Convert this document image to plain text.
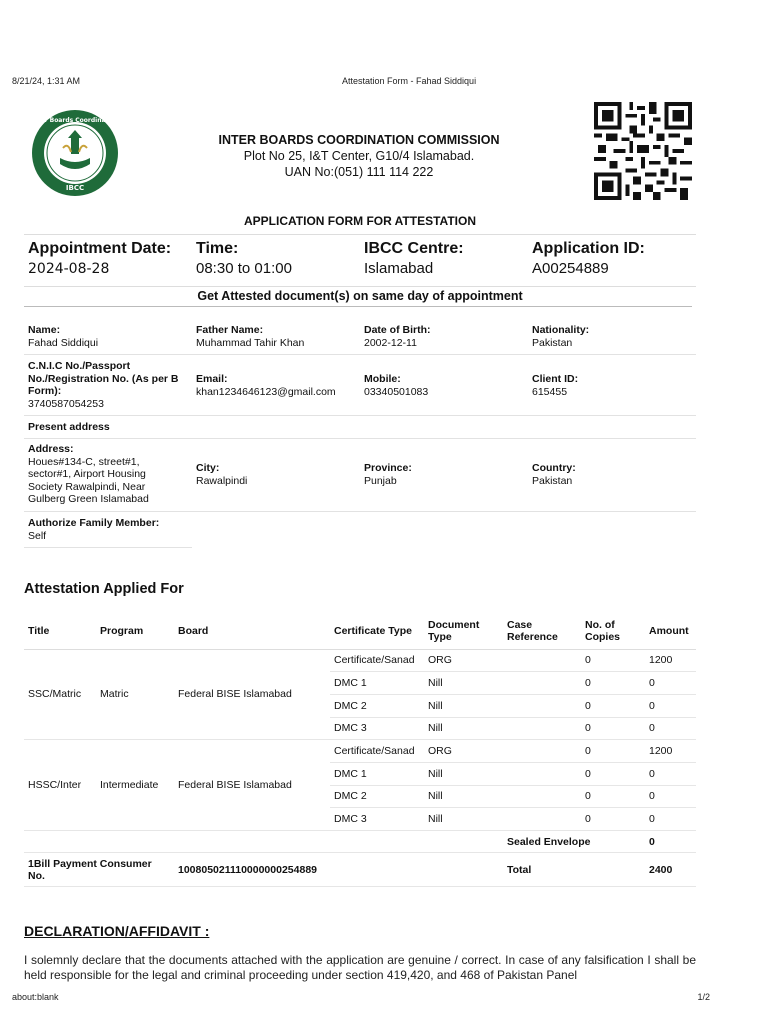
8/21/24, 1:31 AM	Attestation Form - Fahad Siddiqui
Inter Boards Coordination
IBCC
INTER BOARDS COORDINATION COMMISSION
Plot No 25, I&T Center, G10/4 Islamabad.
UAN No:(051) 111 114 222
APPLICATION FORM FOR ATTESTATION
Appointment Date:
2024-08-28
Time:
08:30 to 01:00
IBCC Centre:
Islamabad
Application ID:
A00254889
Get Attested document(s) on same day of appointment
Name:
Fahad Siddiqui
Father Name:
Muhammad Tahir Khan
Date of Birth:
2002-12-11
Nationality:
Pakistan
C.N.I.C No./Passport No./Registration No. (As per B Form):
3740587054253
Email:
khan1234646123@gmail.com
Mobile:
03340501083
Client ID:
615455
Present address
Address:
Houes#134-C, street#1, sector#1, Airport Housing Society Rawalpindi, Near Gulberg Green Islamabad
City:
Rawalpindi
Province:
Punjab
Country:
Pakistan
Authorize Family Member:
Self
Attestation Applied For
Title	Program	Board	Certificate Type	Document Type	Case Reference	No. of Copies	Amount
SSC/Matric	Matric	Federal BISE Islamabad	Certificate/Sanad	ORG		0	1200
			DMC 1	Nill		0	0
			DMC 2	Nill		0	0
			DMC 3	Nill		0	0
HSSC/Inter	Intermediate	Federal BISE Islamabad	Certificate/Sanad	ORG		0	1200
			DMC 1	Nill		0	0
			DMC 2	Nill		0	0
			DMC 3	Nill		0	0
					Sealed Envelope		0
1Bill Payment Consumer No.		100805021110000000254889			Total		2400
DECLARATION/AFFIDAVIT :
I solemnly declare that the documents attached with the application are genuine / correct. In case of any falsification I shall be held responsible for the legal and criminal proceeding under section 419,420, and 468 of Pakistan Panel
about:blank	1/2
